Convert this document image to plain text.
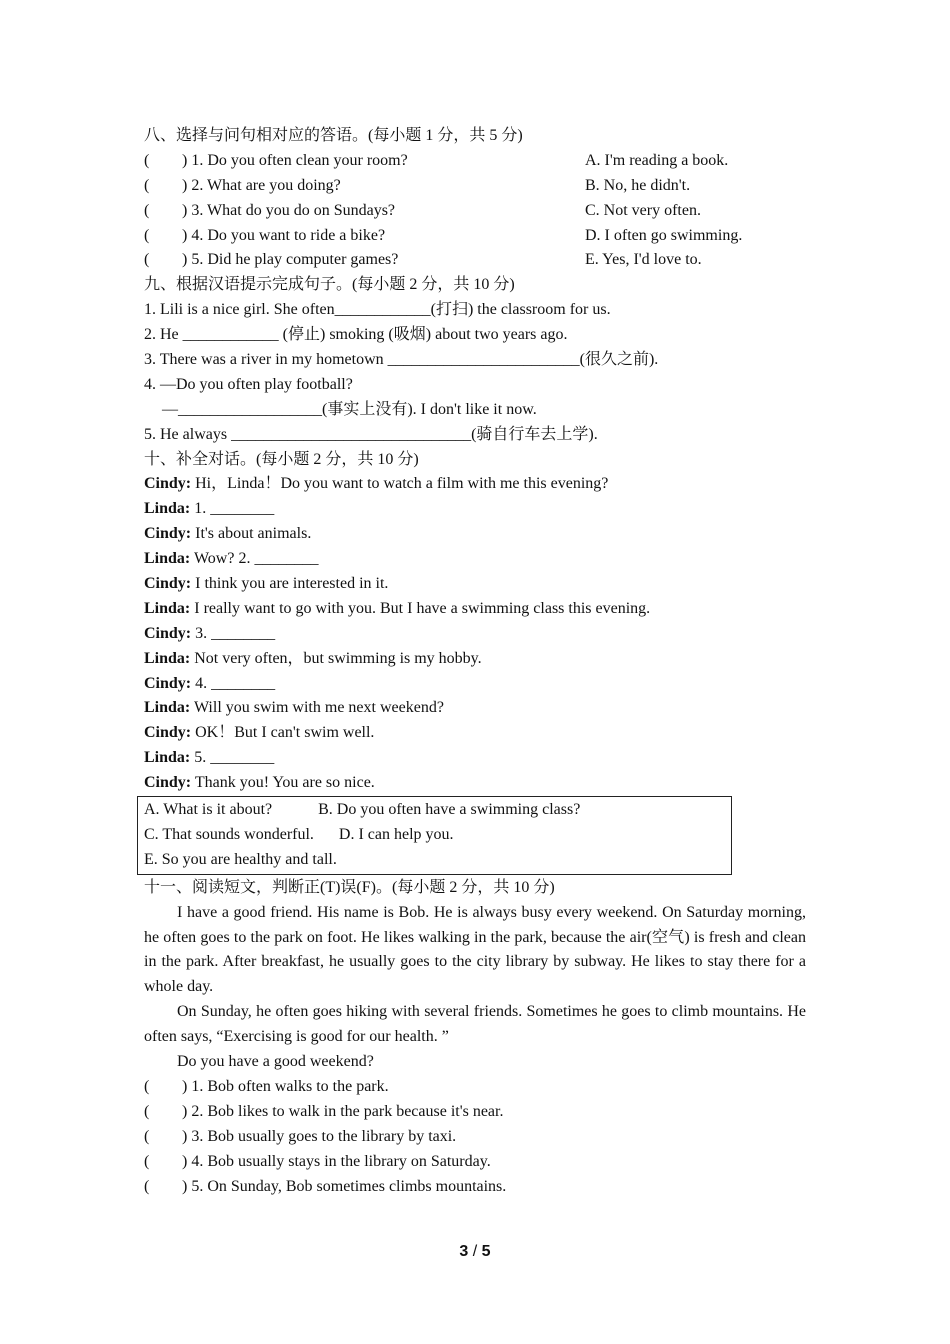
八、选择与问句相对应的答语。(每小题 1 分，共 5 分)
( ) 1. Do you often clean your room?	A. I'm reading a book.
( ) 2. What are you doing?	B. No, he didn't.
( ) 3. What do you do on Sundays?	C. Not very often.
( ) 4. Do you want to ride a bike?	D. I often go swimming.
( ) 5. Did he play computer games?	E. Yes, I'd love to.
九、根据汉语提示完成句子。(每小题 2 分，共 10 分)
1. Lili is a nice girl. She often____________(打扫) the classroom for us.
2. He ____________ (停止) smoking (吸烟) about two years ago.
3. There was a river in my hometown ________________________(很久之前).
4. —Do you often play football?
—__________________(事实上没有). I don't like it now.
5. He always ______________________________(骑自行车去上学).
十、补全对话。(每小题 2 分，共 10 分)
Cindy: Hi，Linda！Do you want to watch a film with me this evening?
Linda: 1. ________
Cindy: It's about animals.
Linda: Wow? 2. ________
Cindy: I think you are interested in it.
Linda: I really want to go with you. But I have a swimming class this evening.
Cindy: 3. ________
Linda: Not very often，but swimming is my hobby.
Cindy: 4. ________
Linda: Will you swim with me next weekend?
Cindy: OK！But I can't swim well.
Linda: 5. ________
Cindy: Thank you! You are so nice.
A. What is it about?	B. Do you often have a swimming class?
C. That sounds wonderful. D. I can help you.
E. So you are healthy and tall.
十一、阅读短文，判断正(T)误(F)。(每小题 2 分，共 10 分)
I have a good friend. His name is Bob. He is always busy every weekend. On Saturday morning, he often goes to the park on foot. He likes walking in the park, because the air(空气) is fresh and clean in the park. After breakfast, he usually goes to the city library by subway. He likes to stay there for a whole day.
On Sunday, he often goes hiking with several friends. Sometimes he goes to climb mountains. He often says, “Exercising is good for our health. ”
Do you have a good weekend?
( ) 1. Bob often walks to the park.
( ) 2. Bob likes to walk in the park because it's near.
( ) 3. Bob usually goes to the library by taxi.
( ) 4. Bob usually stays in the library on Saturday.
( ) 5. On Sunday, Bob sometimes climbs mountains.
3 / 5
